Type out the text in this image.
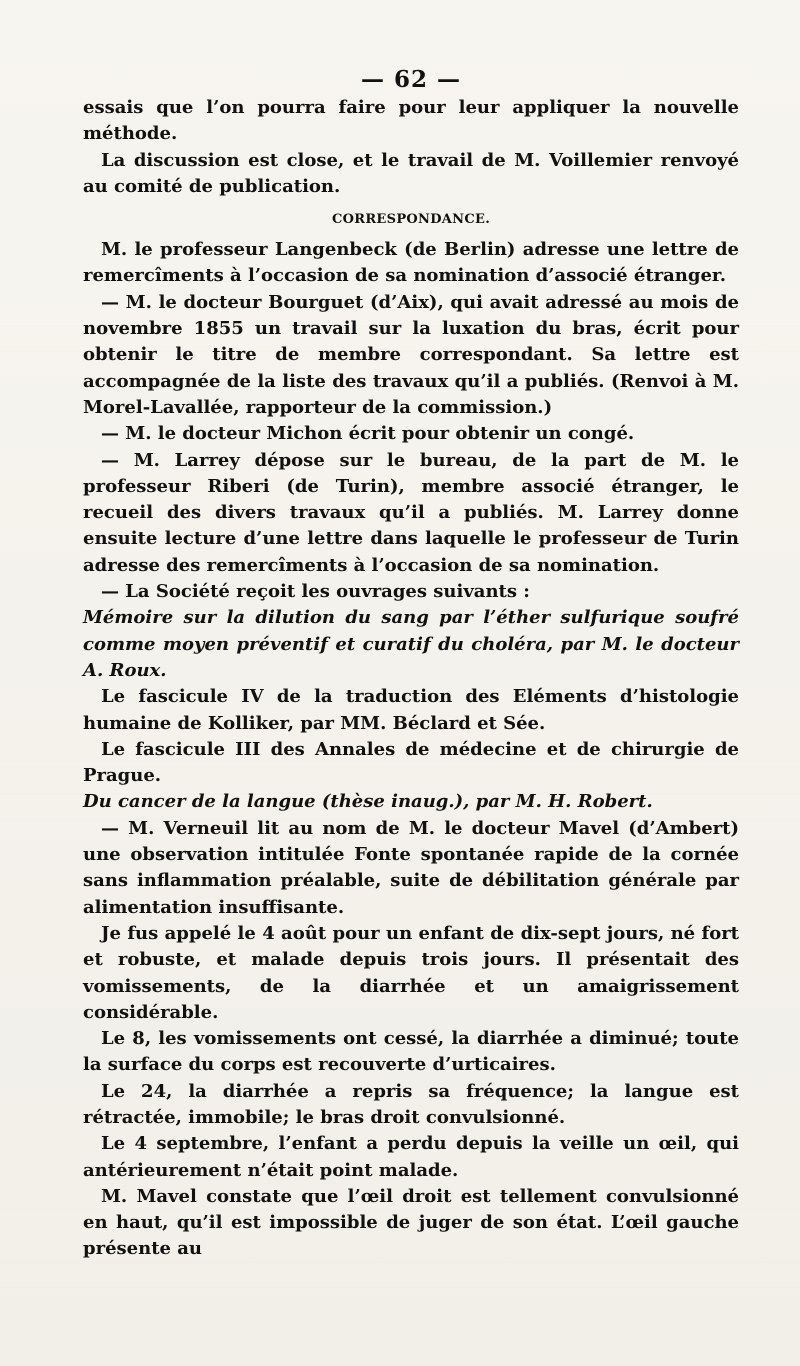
— 62 —

essais que l’on pourra faire pour leur appliquer la nouvelle méthode.

La discussion est close, et le travail de M. Voillemier renvoyé au comité de publication.

CORRESPONDANCE.

M. le professeur Langenbeck (de Berlin) adresse une lettre de remercîments à l’occasion de sa nomination d’associé étranger.

— M. le docteur Bourguet (d’Aix), qui avait adressé au mois de novembre 1855 un travail sur la luxation du bras, écrit pour obtenir le titre de membre correspondant. Sa lettre est accompagnée de la liste des travaux qu’il a publiés. (Renvoi à M. Morel-Lavallée, rapporteur de la commission.)

— M. le docteur Michon écrit pour obtenir un congé.

— M. Larrey dépose sur le bureau, de la part de M. le professeur Riberi (de Turin), membre associé étranger, le recueil des divers travaux qu’il a publiés. M. Larrey donne ensuite lecture d’une lettre dans laquelle le professeur de Turin adresse des remercîments à l’occasion de sa nomination.

— La Société reçoit les ouvrages suivants :

Mémoire sur la dilution du sang par l’éther sulfurique soufré comme moyen préventif et curatif du choléra, par M. le docteur A. Roux.

Le fascicule IV de la traduction des Eléments d’histologie humaine de Kolliker, par MM. Béclard et Sée.

Le fascicule III des Annales de médecine et de chirurgie de Prague.

Du cancer de la langue (thèse inaug.), par M. H. Robert.

— M. Verneuil lit au nom de M. le docteur Mavel (d’Ambert) une observation intitulée Fonte spontanée rapide de la cornée sans inflammation préalable, suite de débilitation générale par alimentation insuffisante.

Je fus appelé le 4 août pour un enfant de dix-sept jours, né fort et robuste, et malade depuis trois jours. Il présentait des vomissements, de la diarrhée et un amaigrissement considérable.

Le 8, les vomissements ont cessé, la diarrhée a diminué; toute la surface du corps est recouverte d’urticaires.

Le 24, la diarrhée a repris sa fréquence; la langue est rétractée, immobile; le bras droit convulsionné.

Le 4 septembre, l’enfant a perdu depuis la veille un œil, qui antérieurement n’était point malade.

M. Mavel constate que l’œil droit est tellement convulsionné en haut, qu’il est impossible de juger de son état. L’œil gauche présente au
